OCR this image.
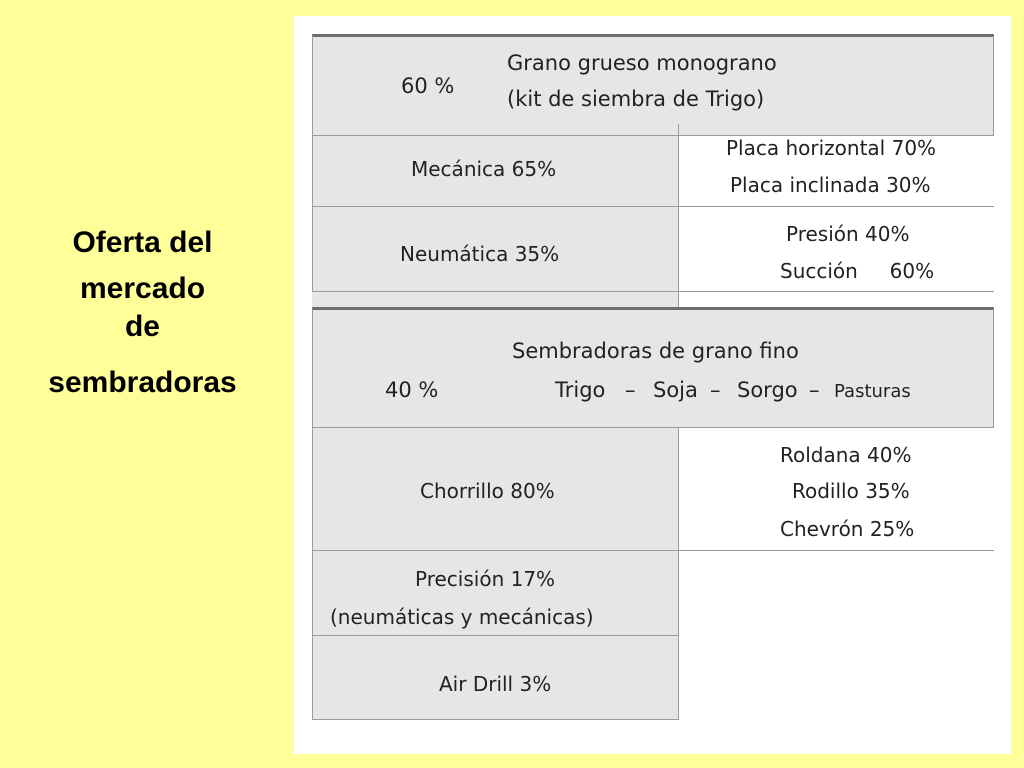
Oferta del
mercado
de
sembradoras
60 %
Grano grueso monograno
(kit de siembra de Trigo)
Mecánica 65%
Placa horizontal 70%
Placa inclinada 30%
Neumática 35%
Presión 40%
Succión     60%
Sembradoras de grano fino
40 %	Trigo – Soja – Sorgo – Pasturas
Chorrillo 80%
Roldana 40%
Rodillo 35%
Chevrón 25%
Precisión 17%
(neumáticas y mecánicas)
Air Drill 3%
